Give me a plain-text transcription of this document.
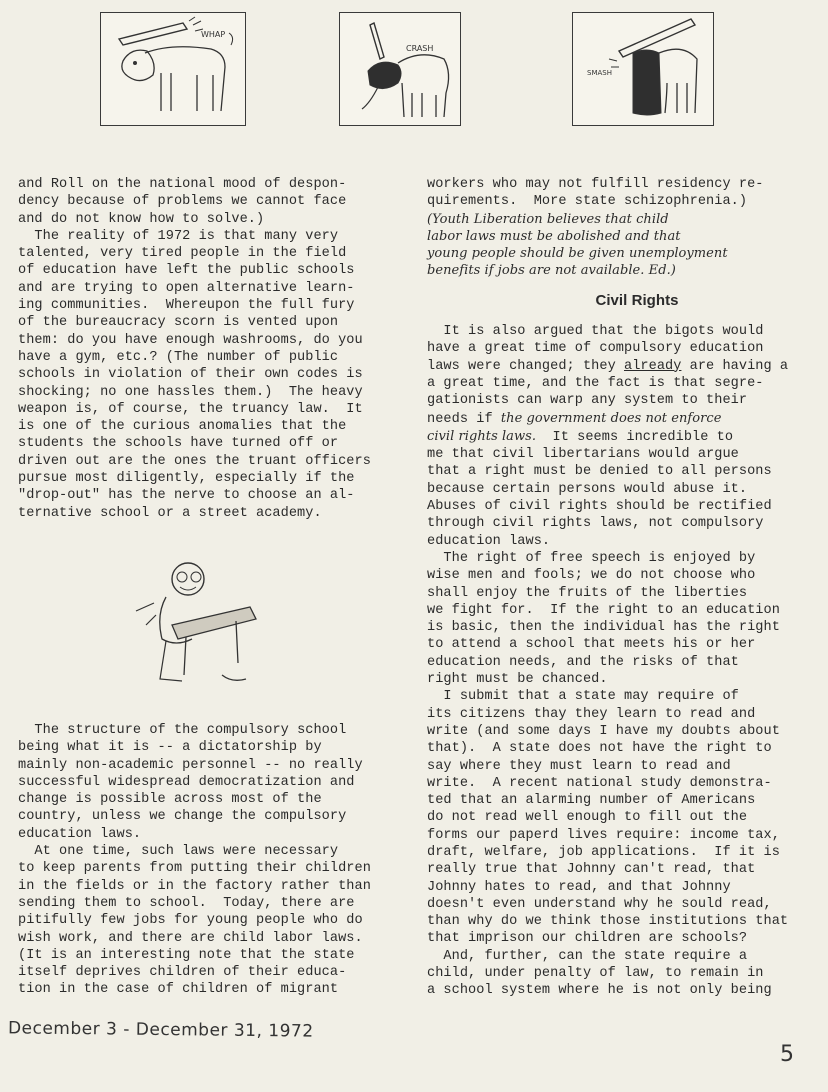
WHAP
CRASH
SMASH

and Roll on the national mood of despon-

dency because of problems we cannot face

and do not know how to solve.)

The reality of 1972 is that many very

talented, very tired people in the field

of education have left the public schools

and are trying to open alternative learn-

ing communities.  Whereupon the full fury

of the bureaucracy scorn is vented upon

them: do you have enough washrooms, do you

have a gym, etc.? (The number of public

schools in violation of their own codes is

shocking; no one hassles them.)  The heavy

weapon is, of course, the truancy law.  It

is one of the curious anomalies that the

students the schools have turned off or

driven out are the ones the truant officers

pursue most diligently, especially if the

"drop-out" has the nerve to choose an al-

ternative school or a street academy.

The structure of the compulsory school

being what it is -- a dictatorship by

mainly non-academic personnel -- no really

successful widespread democratization and

change is possible across most of the

country, unless we change the compulsory

education laws.

At one time, such laws were necessary

to keep parents from putting their children

in the fields or in the factory rather than

sending them to school.  Today, there are

pitifully few jobs for young people who do

wish work, and there are child labor laws.

(It is an interesting note that the state

itself deprives children of their educa-

tion in the case of children of migrant

workers who may not fulfill residency re-

quirements.  More state schizophrenia.)

(Youth Liberation believes that child

labor laws must be abolished and that

young people should be given unemployment

benefits if jobs are not available. Ed.)

Civil Rights

It is also argued that the bigots would

have a great time of compulsory education

laws were changed; they already are having a

a great time, and the fact is that segre-

gationists can warp any system to their

needs if the government does not enforce

civil rights laws.  It seems incredible to

me that civil libertarians would argue

that a right must be denied to all persons

because certain persons would abuse it.

Abuses of civil rights should be rectified

through civil rights laws, not compulsory

education laws.

The right of free speech is enjoyed by

wise men and fools; we do not choose who

shall enjoy the fruits of the liberties

we fight for.  If the right to an education

is basic, then the individual has the right

to attend a school that meets his or her

education needs, and the risks of that

right must be chanced.

I submit that a state may require of

its citizens thay they learn to read and

write (and some days I have my doubts about

that).  A state does not have the right to

say where they must learn to read and

write.  A recent national study demonstra-

ted that an alarming number of Americans

do not read well enough to fill out the

forms our paperd lives require: income tax,

draft, welfare, job applications.  If it is

really true that Johnny can't read, that

Johnny hates to read, and that Johnny

doesn't even understand why he sould read,

than why do we think those institutions that

that imprison our children are schools?

And, further, can the state require a

child, under penalty of law, to remain in

a school system where he is not only being

December 3 - December 31, 1972
5
